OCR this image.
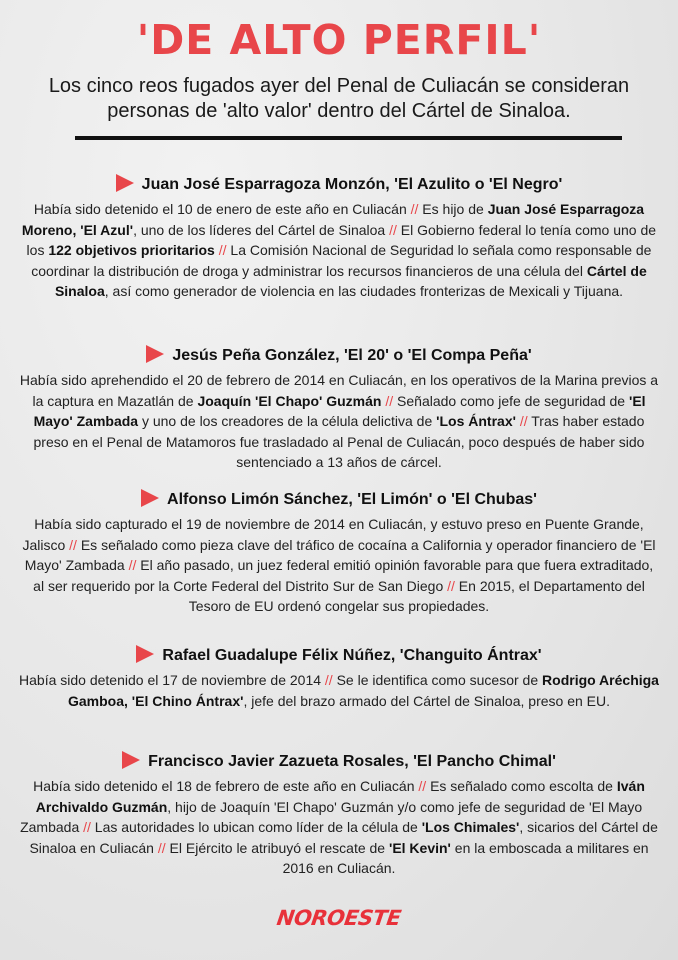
'DE ALTO PERFIL'
Los cinco reos fugados ayer del Penal de Culiacán se consideran personas de 'alto valor' dentro del Cártel de Sinaloa.
Juan José Esparragoza Monzón, 'El Azulito o 'El Negro'
Había sido detenido el 10 de enero de este año en Culiacán // Es hijo de Juan José Esparragoza Moreno, 'El Azul', uno de los líderes del Cártel de Sinaloa // El Gobierno federal lo tenía como uno de los 122 objetivos prioritarios // La Comisión Nacional de Seguridad lo señala como responsable de coordinar la distribución de droga y administrar los recursos financieros de una célula del Cártel de Sinaloa, así como generador de violencia en las ciudades fronterizas de Mexicali y Tijuana.
Jesús Peña González, 'El 20' o 'El Compa Peña'
Había sido aprehendido el 20 de febrero de 2014 en Culiacán, en los operativos de la Marina previos a la captura en Mazatlán de Joaquín 'El Chapo' Guzmán // Señalado como jefe de seguridad de 'El Mayo' Zambada y uno de los creadores de la célula delictiva de 'Los Ántrax' // Tras haber estado preso en el Penal de Matamoros fue trasladado al Penal de Culiacán, poco después de haber sido sentenciado a 13 años de cárcel.
Alfonso Limón Sánchez, 'El Limón' o 'El Chubas'
Había sido capturado el 19 de noviembre de 2014 en Culiacán, y estuvo preso en Puente Grande, Jalisco // Es señalado como pieza clave del tráfico de cocaína a California y operador financiero de 'El Mayo' Zambada // El año pasado, un juez federal emitió opinión favorable para que fuera extraditado, al ser requerido por la Corte Federal del Distrito Sur de San Diego // En 2015, el Departamento del Tesoro de EU ordenó congelar sus propiedades.
Rafael Guadalupe Félix Núñez, 'Changuito Ántrax'
Había sido detenido el 17 de noviembre de 2014 // Se le identifica como sucesor de Rodrigo Aréchiga Gamboa, 'El Chino Ántrax', jefe del brazo armado del Cártel de Sinaloa, preso en EU.
Francisco Javier Zazueta Rosales, 'El Pancho Chimal'
Había sido detenido el 18 de febrero de este año en Culiacán // Es señalado como escolta de Iván Archivaldo Guzmán, hijo de Joaquín 'El Chapo' Guzmán y/o como jefe de seguridad de 'El Mayo Zambada // Las autoridades lo ubican como líder de la célula de 'Los Chimales', sicarios del Cártel de Sinaloa en Culiacán // El Ejército le atribuyó el rescate de 'El Kevin' en la emboscada a militares en 2016 en Culiacán.
NOROESTE
